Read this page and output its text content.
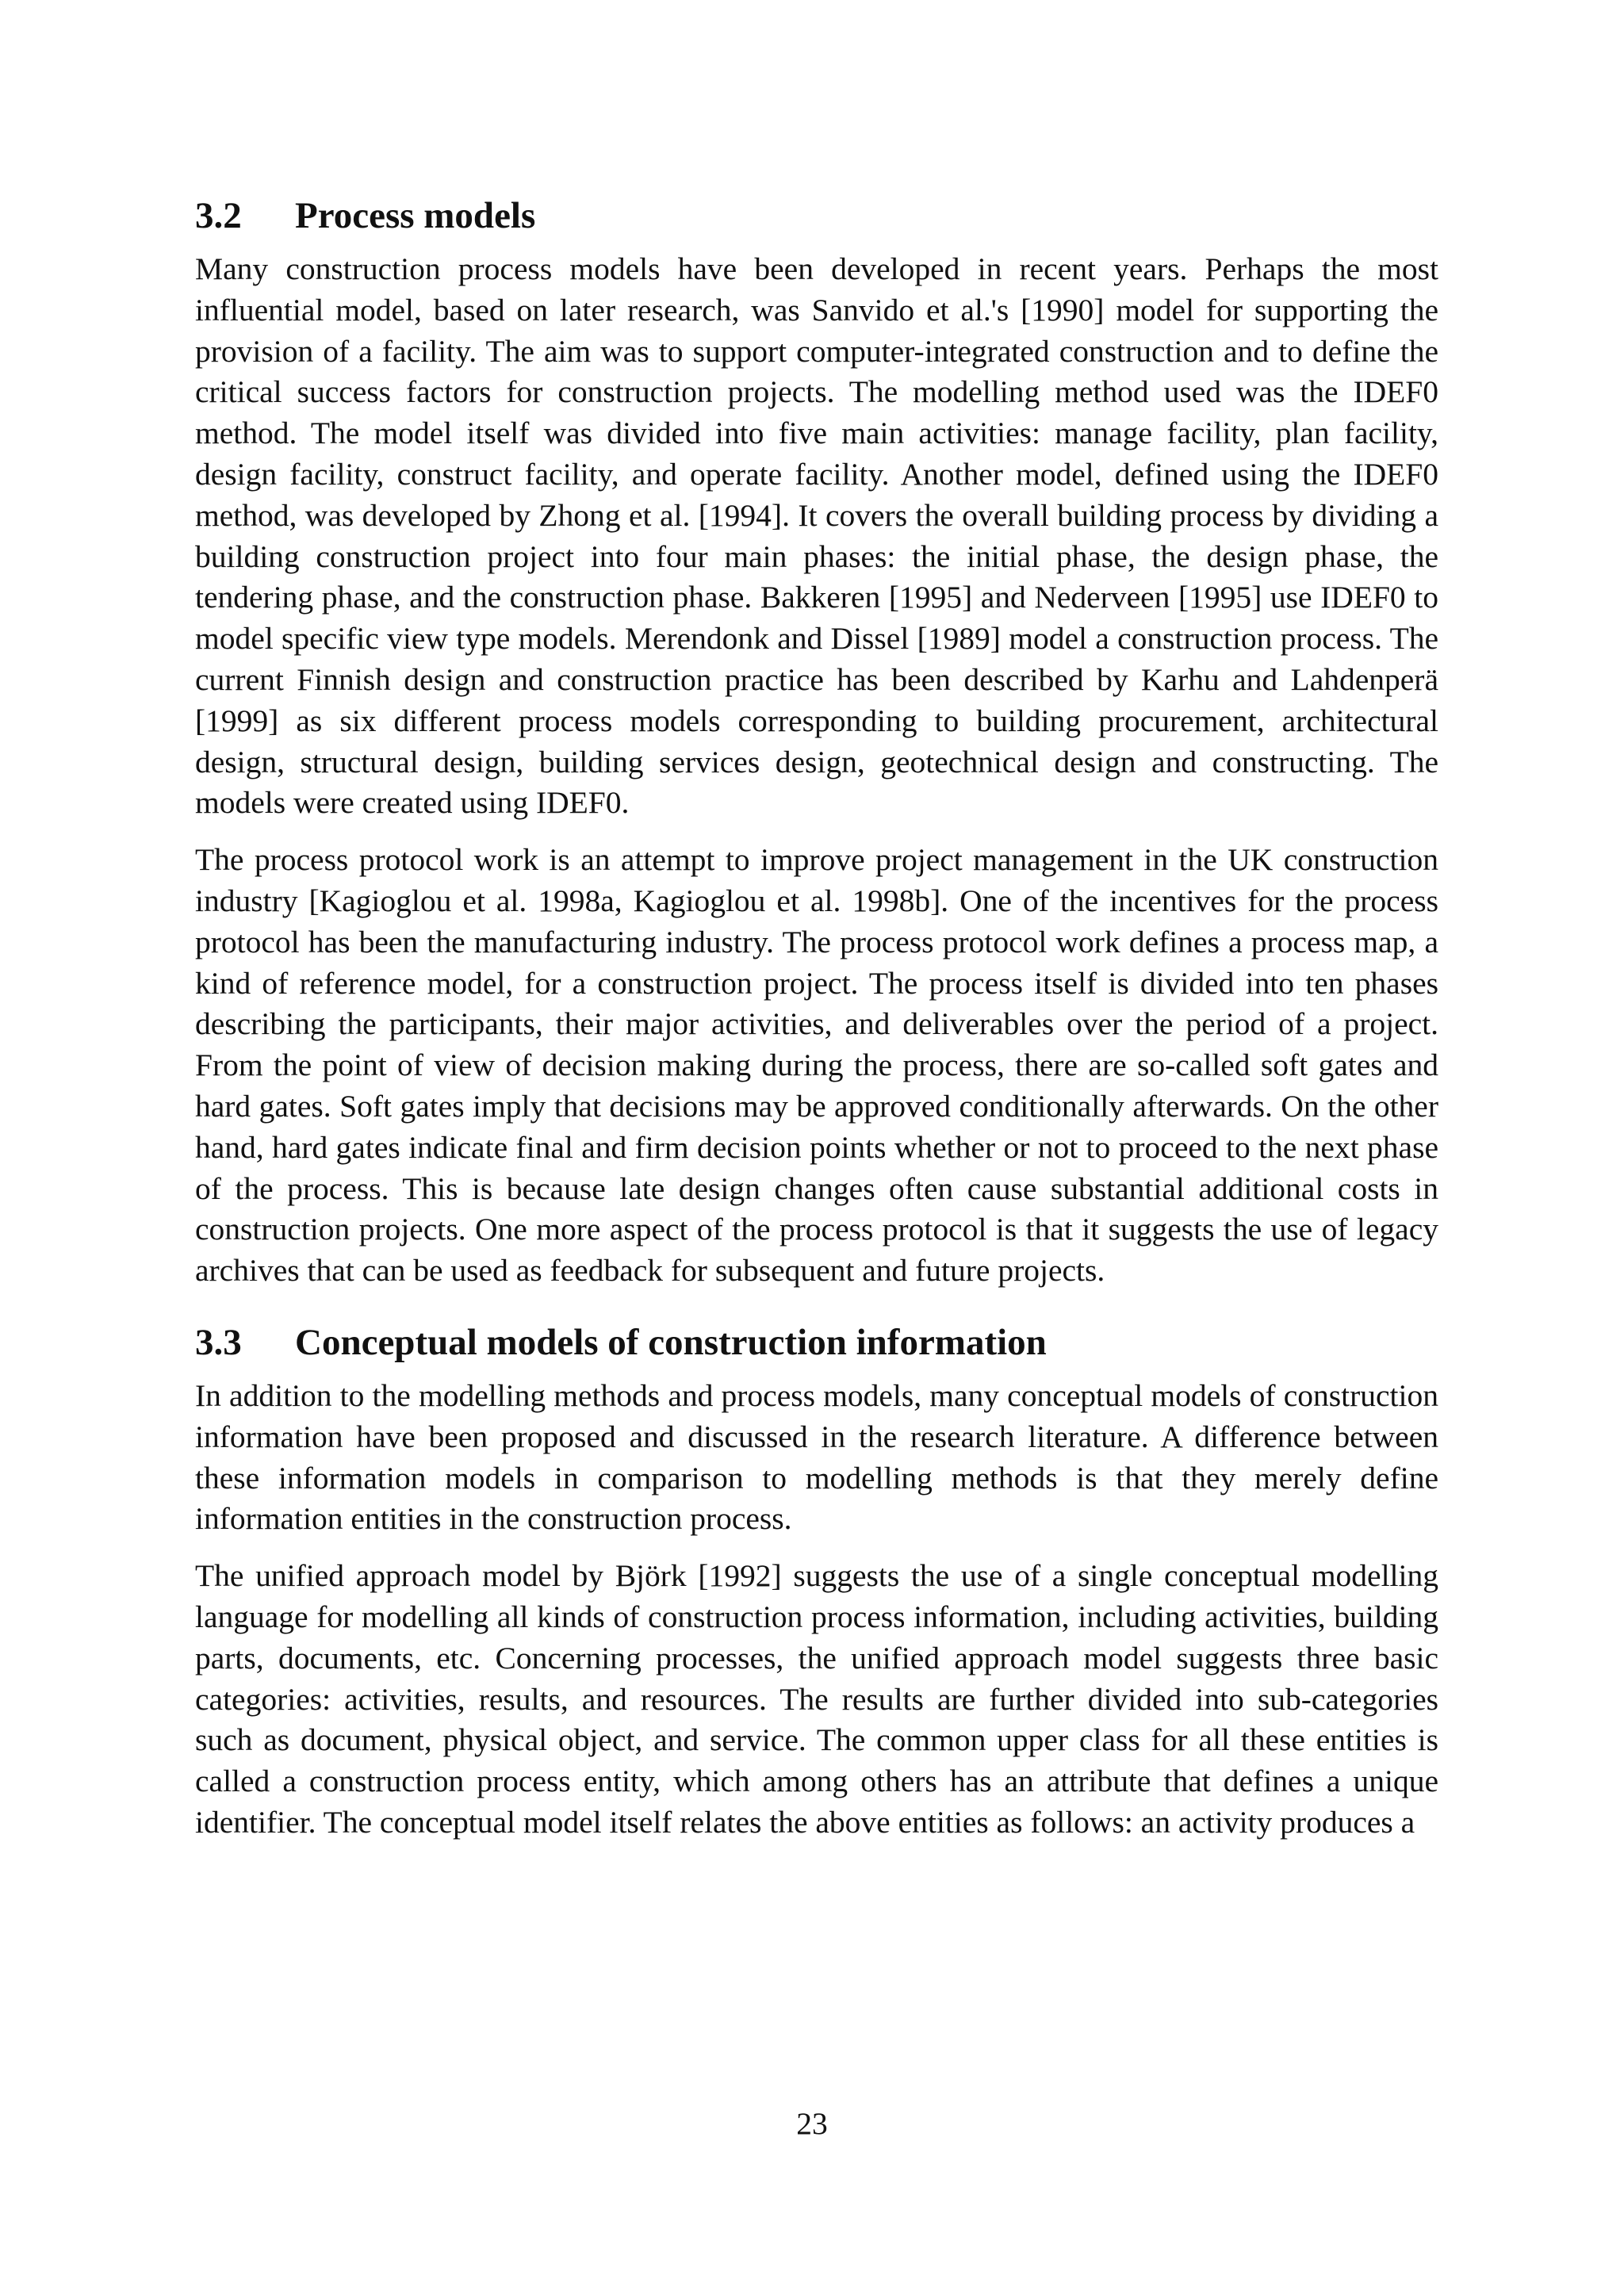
3.2	Process models

Many construction process models have been developed in recent years. Perhaps the most influential model, based on later research, was Sanvido et al.'s [1990] model for supporting the provision of a facility. The aim was to support computer-integrated construction and to define the critical success factors for construction projects. The modelling method used was the IDEF0 method. The model itself was divided into five main activities: manage facility, plan facility, design facility, construct facility, and operate facility. Another model, defined using the IDEF0 method, was developed by Zhong et al. [1994]. It covers the overall building process by dividing a building construction project into four main phases: the initial phase, the design phase, the tendering phase, and the construction phase. Bakkeren [1995] and Nederveen [1995] use IDEF0 to model specific view type models. Merendonk and Dissel [1989] model a construction process. The current Finnish design and construction practice has been described by Karhu and Lahdenperä [1999] as six different process models corresponding to building procurement, architectural design, structural design, building services design, geotechnical design and constructing. The models were created using IDEF0.

The process protocol work is an attempt to improve project management in the UK construction industry [Kagioglou et al. 1998a, Kagioglou et al. 1998b]. One of the incentives for the process protocol has been the manufacturing industry. The process protocol work defines a process map, a kind of reference model, for a construction project. The process itself is divided into ten phases describing the participants, their major activities, and deliverables over the period of a project. From the point of view of decision making during the process, there are so-called soft gates and hard gates. Soft gates imply that decisions may be approved conditionally afterwards. On the other hand, hard gates indicate final and firm decision points whether or not to proceed to the next phase of the process. This is because late design changes often cause substantial additional costs in construction projects. One more aspect of the process protocol is that it suggests the use of legacy archives that can be used as feedback for subsequent and future projects.

3.3	Conceptual models of construction information

In addition to the modelling methods and process models, many conceptual models of construction information have been proposed and discussed in the research literature. A difference between these information models in comparison to modelling methods is that they merely define information entities in the construction process.

The unified approach model by Björk [1992] suggests the use of a single conceptual modelling language for modelling all kinds of construction process information, including activities, building parts, documents, etc. Concerning processes, the unified approach model suggests three basic categories: activities, results, and resources. The results are further divided into sub-categories such as document, physical object, and service. The common upper class for all these entities is called a construction process entity, which among others has an attribute that defines a unique identifier. The conceptual model itself relates the above entities as follows: an activity produces a

23
